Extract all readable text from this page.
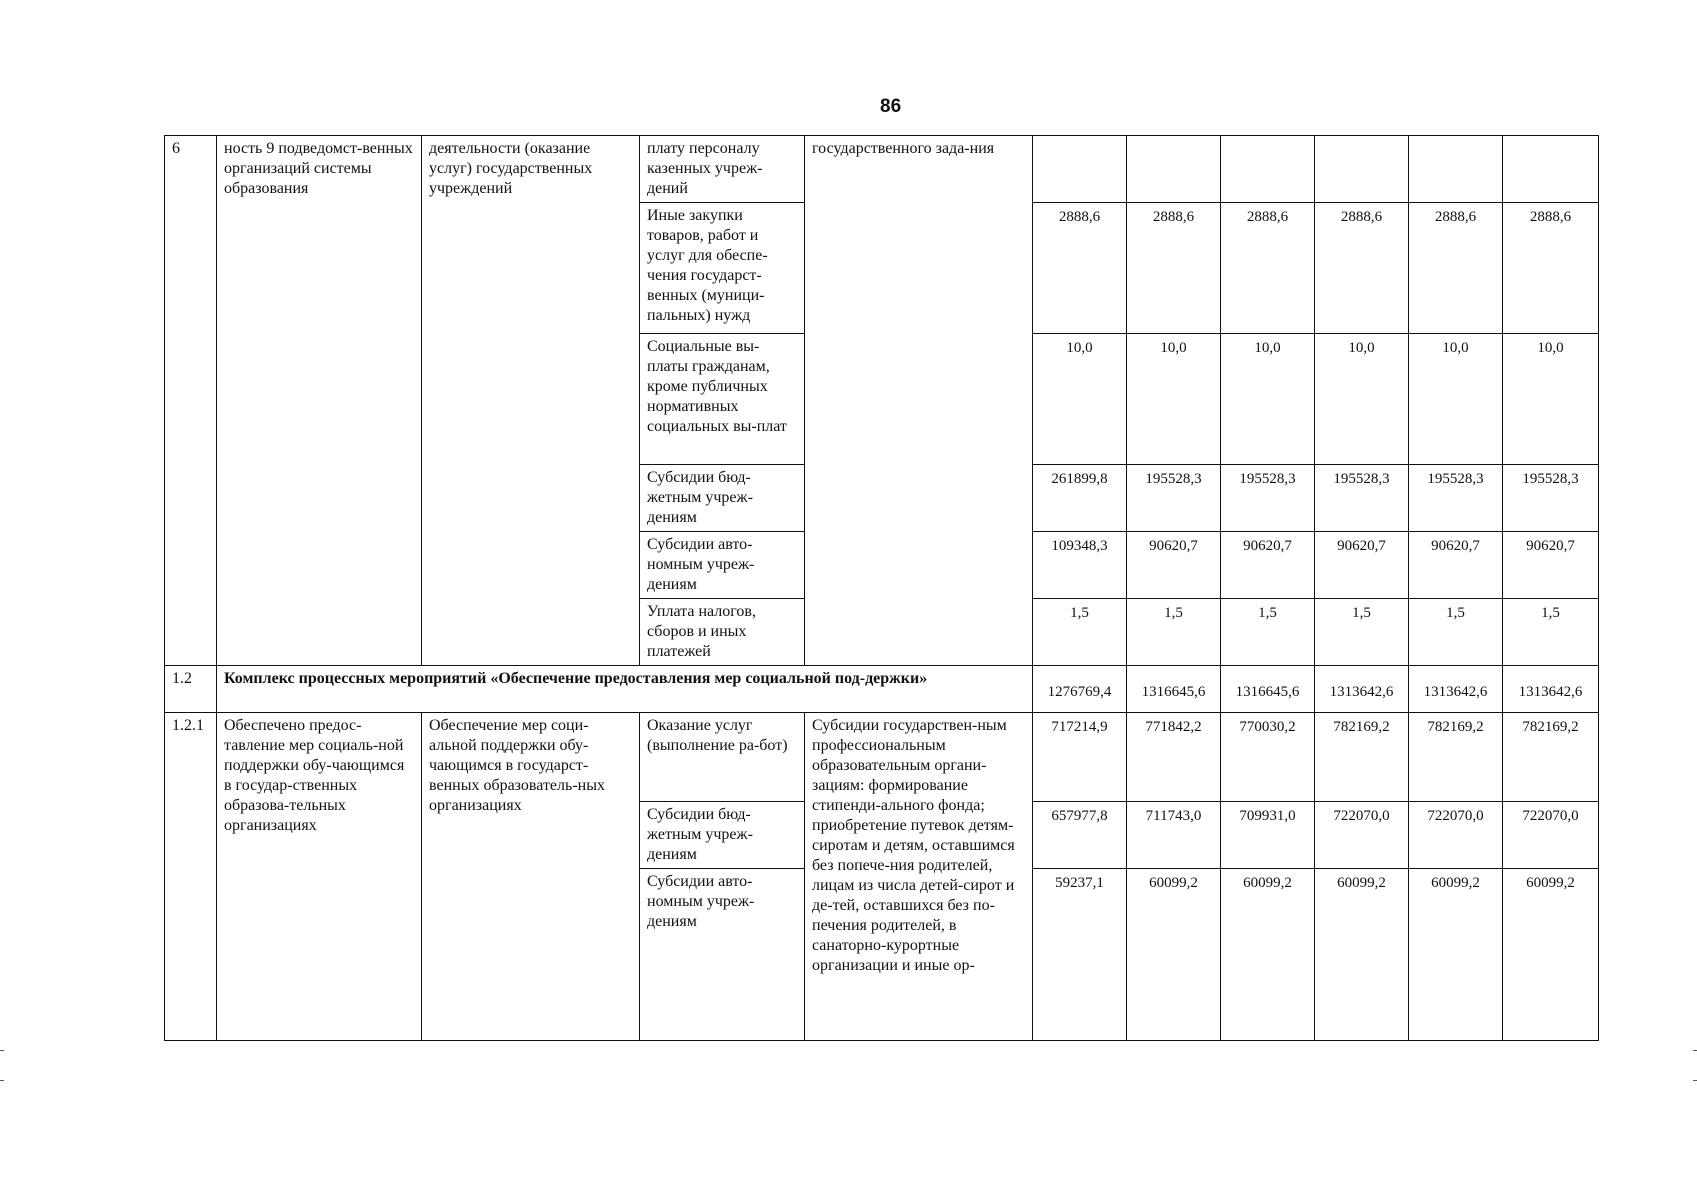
86
6	ность 9 подведомст-венных организаций системы образования	деятельности (оказание услуг) государственных учреждений	плату персоналу казенных учреж-дений	государственного зада-ния						
			Иные закупки товаров, работ и услуг для обеспе-чения государст-венных (муници-пальных) нужд		2888,6	2888,6	2888,6	2888,6	2888,6	2888,6
			Социальные вы-платы гражданам, кроме публичных нормативных социальных вы-плат		10,0	10,0	10,0	10,0	10,0	10,0
			Субсидии бюд-жетным учреж-дениям		261899,8	195528,3	195528,3	195528,3	195528,3	195528,3
			Субсидии авто-номным учреж-дениям		109348,3	90620,7	90620,7	90620,7	90620,7	90620,7
			Уплата налогов, сборов и иных платежей		1,5	1,5	1,5	1,5	1,5	1,5
1.2	Комплекс процессных мероприятий «Обеспечение предоставления мер социальной под-держки»				1276769,4	1316645,6	1316645,6	1313642,6	1313642,6	1313642,6
1.2.1	Обеспечено предос-тавление мер социаль-ной поддержки обу-чающимся в государ-ственных образова-тельных организациях	Обеспечение мер соци-альной поддержки обу-чающимся в государст-венных образователь-ных организациях	Оказание услуг (выполнение ра-бот)	Субсидии государствен-ным профессиональным образовательным органи-зациям: формирование стипенди-ального фонда; приобретение путевок детям-сиротам и детям, оставшимся без попече-ния родителей, лицам из числа детей-сирот и де-тей, оставшихся без по-печения родителей, в санаторно-курортные организации и иные ор-	717214,9	771842,2	770030,2	782169,2	782169,2	782169,2
			Субсидии бюд-жетным учреж-дениям		657977,8	711743,0	709931,0	722070,0	722070,0	722070,0
			Субсидии авто-номным учреж-дениям		59237,1	60099,2	60099,2	60099,2	60099,2	60099,2
